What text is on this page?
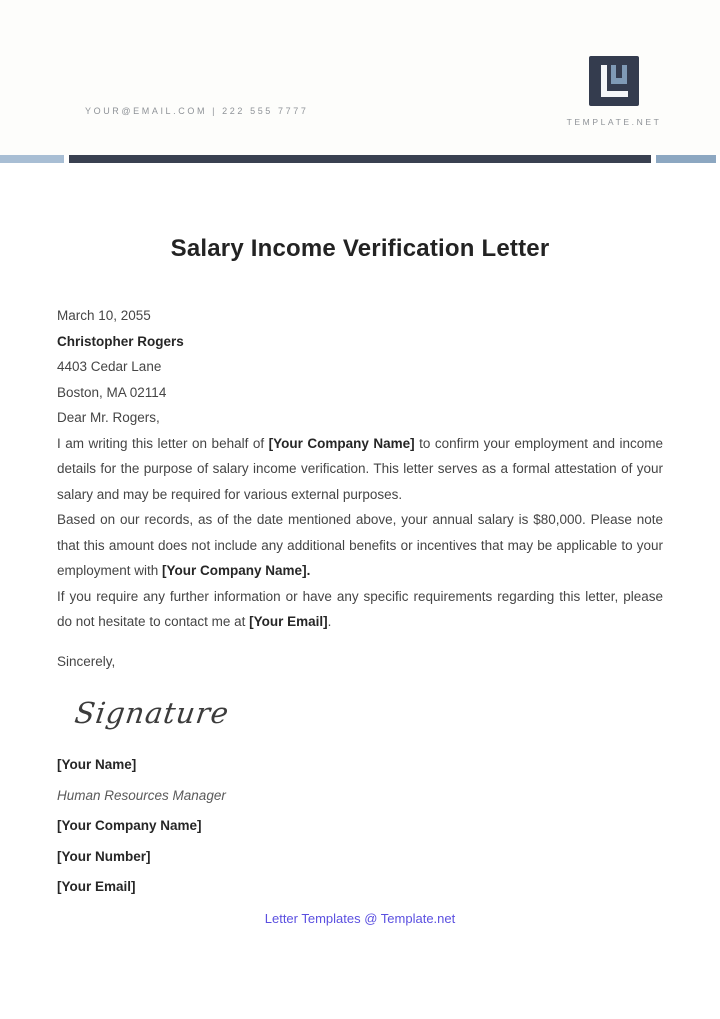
YOUR@EMAIL.COM | 222 555 7777
TEMPLATE.NET
Salary Income Verification Letter
March 10, 2055
Christopher Rogers
4403 Cedar Lane
Boston, MA 02114
Dear Mr. Rogers,

I am writing this letter on behalf of [Your Company Name] to confirm your employment and income details for the purpose of salary income verification. This letter serves as a formal attestation of your salary and may be required for various external purposes.

Based on our records, as of the date mentioned above, your annual salary is $80,000. Please note that this amount does not include any additional benefits or incentives that may be applicable to your employment with [Your Company Name].

If you require any further information or have any specific requirements regarding this letter, please do not hesitate to contact me at [Your Email].

Sincerely,
Signature
[Your Name]
Human Resources Manager
[Your Company Name]
[Your Number]
[Your Email]
Letter Templates @ Template.net
